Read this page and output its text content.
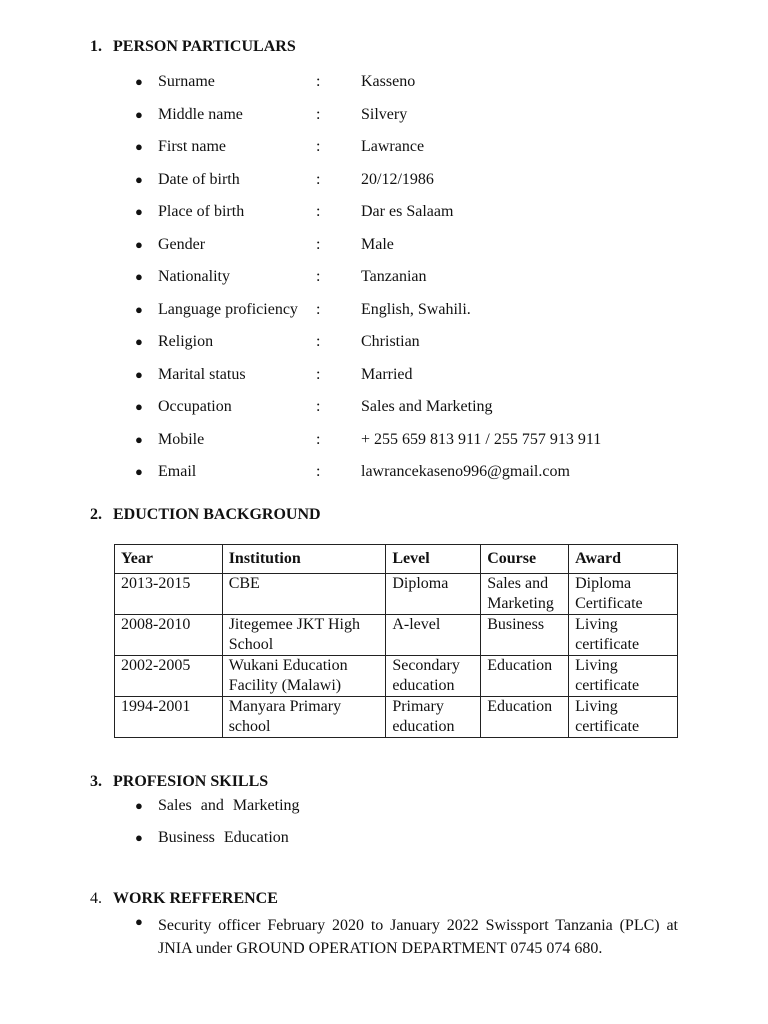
1. PERSON PARTICULARS
● Surname	:	Kasseno
● Middle name	:	Silvery
● First name	:	Lawrance
● Date of birth	:	20/12/1986
● Place of birth	:	Dar es Salaam
● Gender	:	Male
● Nationality	:	Tanzanian
● Language proficiency :	English, Swahili.
● Religion	:	Christian
● Marital status	:	Married
● Occupation	:	Sales and Marketing
● Mobile	:	+ 255 659 813 911 / 255 757 913 911
● Email	:	lawrancekaseno996@gmail.com
2. EDUCTION BACKGROUND
Year	Institution	Level	Course	Award
2013-2015	CBE	Diploma	Sales and Marketing	Diploma Certificate
2008-2010	Jitegemee JKT High School	A-level	Business	Living certificate
2002-2005	Wukani Education Facility (Malawi)	Secondary education	Education	Living certificate
1994-2001	Manyara Primary school	Primary education	Education	Living certificate
3. PROFESION SKILLS
● Sales and Marketing
● Business Education
4. WORK REFFERENCE
● Security officer February 2020 to January 2022 Swissport Tanzania (PLC) at JNIA under GROUND OPERATION DEPARTMENT 0745 074 680.
